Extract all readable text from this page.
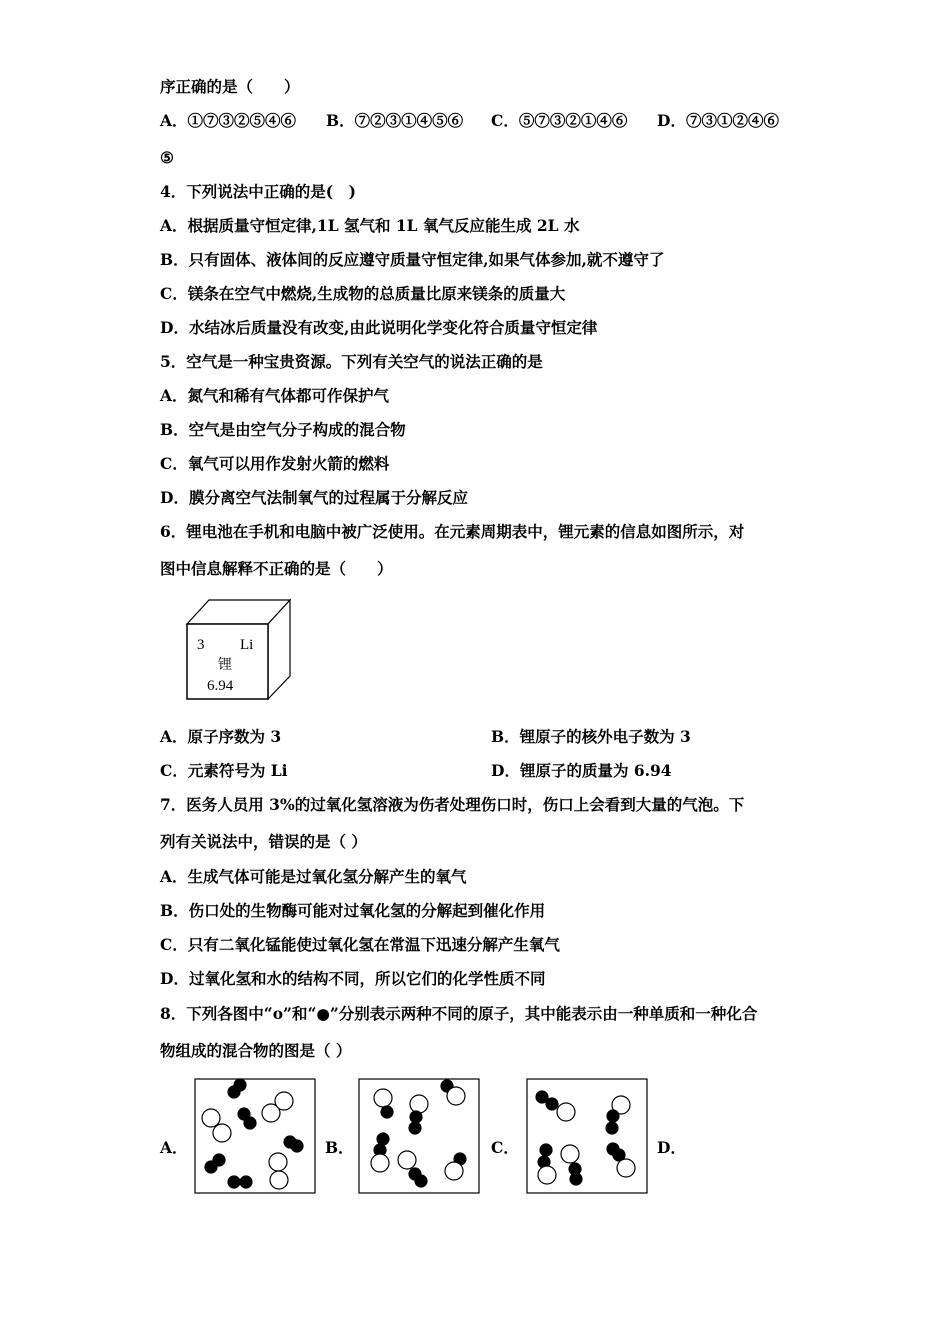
序正确的是（　　）
A．①⑦③②⑤④⑥ B．⑦②③①④⑤⑥ C．⑤⑦③②①④⑥ D．⑦③①②④⑥
⑤
4．下列说法中正确的是(　)
A．根据质量守恒定律,1L 氢气和 1L 氧气反应能生成 2L 水
B．只有固体、液体间的反应遵守质量守恒定律,如果气体参加,就不遵守了
C．镁条在空气中燃烧,生成物的总质量比原来镁条的质量大
D．水结冰后质量没有改变,由此说明化学变化符合质量守恒定律
5．空气是一种宝贵资源。下列有关空气的说法正确的是
A．氮气和稀有气体都可作保护气
B．空气是由空气分子构成的混合物
C．氧气可以用作发射火箭的燃料
D．膜分离空气法制氧气的过程属于分解反应
6．锂电池在手机和电脑中被广泛使用。在元素周期表中，锂元素的信息如图所示，对
图中信息解释不正确的是（　　）
3 Li
锂
6.94
A．原子序数为 3	B．锂原子的核外电子数为 3
C．元素符号为 Li	D．锂原子的质量为 6.94
7．医务人员用 3%的过氧化氢溶液为伤者处理伤口时，伤口上会看到大量的气泡。下
列有关说法中，错误的是（ ）
A．生成气体可能是过氧化氢分解产生的氧气
B．伤口处的生物酶可能对过氧化氢的分解起到催化作用
C．只有二氧化锰能使过氧化氢在常温下迅速分解产生氧气
D．过氧化氢和水的结构不同，所以它们的化学性质不同
8．下列各图中“o”和“●”分别表示两种不同的原子，其中能表示由一种单质和一种化合
物组成的混合物的图是（ ）
A．	B．	C．	D．
